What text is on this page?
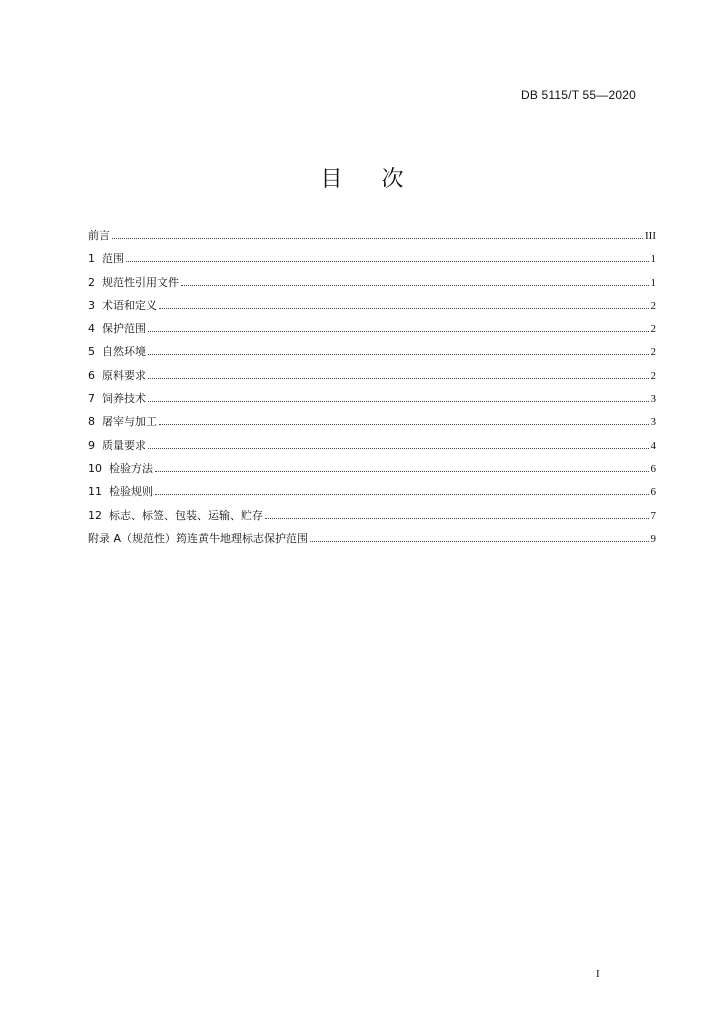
DB 5115/T 55—2020
目 次
前言	III
1  范围	1
2  规范性引用文件	1
3  术语和定义	2
4  保护范围	2
5  自然环境	2
6  原料要求	2
7  饲养技术	3
8  屠宰与加工	3
9  质量要求	4
10  检验方法	6
11  检验规则	6
12  标志、标签、包装、运输、贮存	7
附录 A（规范性）筠连黄牛地理标志保护范围	9
I
